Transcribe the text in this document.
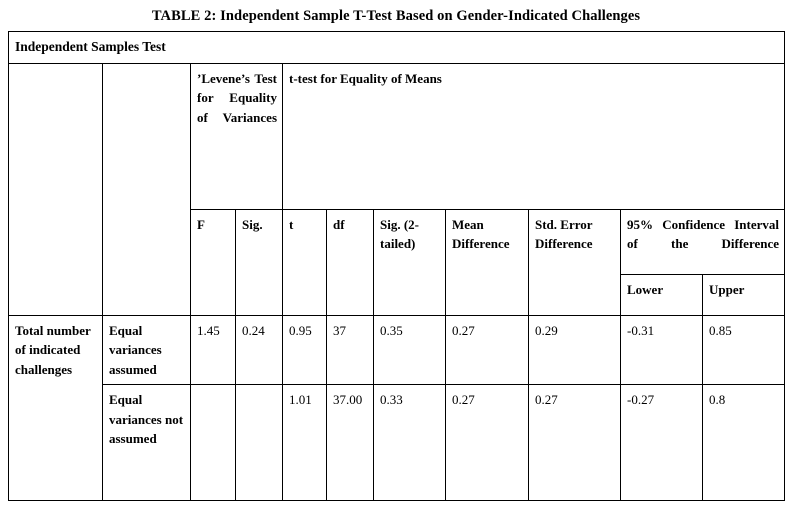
TABLE 2: Independent Sample T-Test Based on Gender-Indicated Challenges
Independent Samples Test										
		’Levene’s Test for Equality of Variances		t-test for Equality of Means						
		F	Sig.	t	df	Sig. (2-tailed)	Mean Difference	Std. Error Difference	95% Confidence Interval of the Difference	
									Lower	Upper
Total number of indicated challenges	Equal variances assumed	1.45	0.24	0.95	37	0.35	0.27	0.29	-0.31	0.85
	Equal variances not assumed			1.01	37.00	0.33	0.27	0.27	-0.27	0.8
